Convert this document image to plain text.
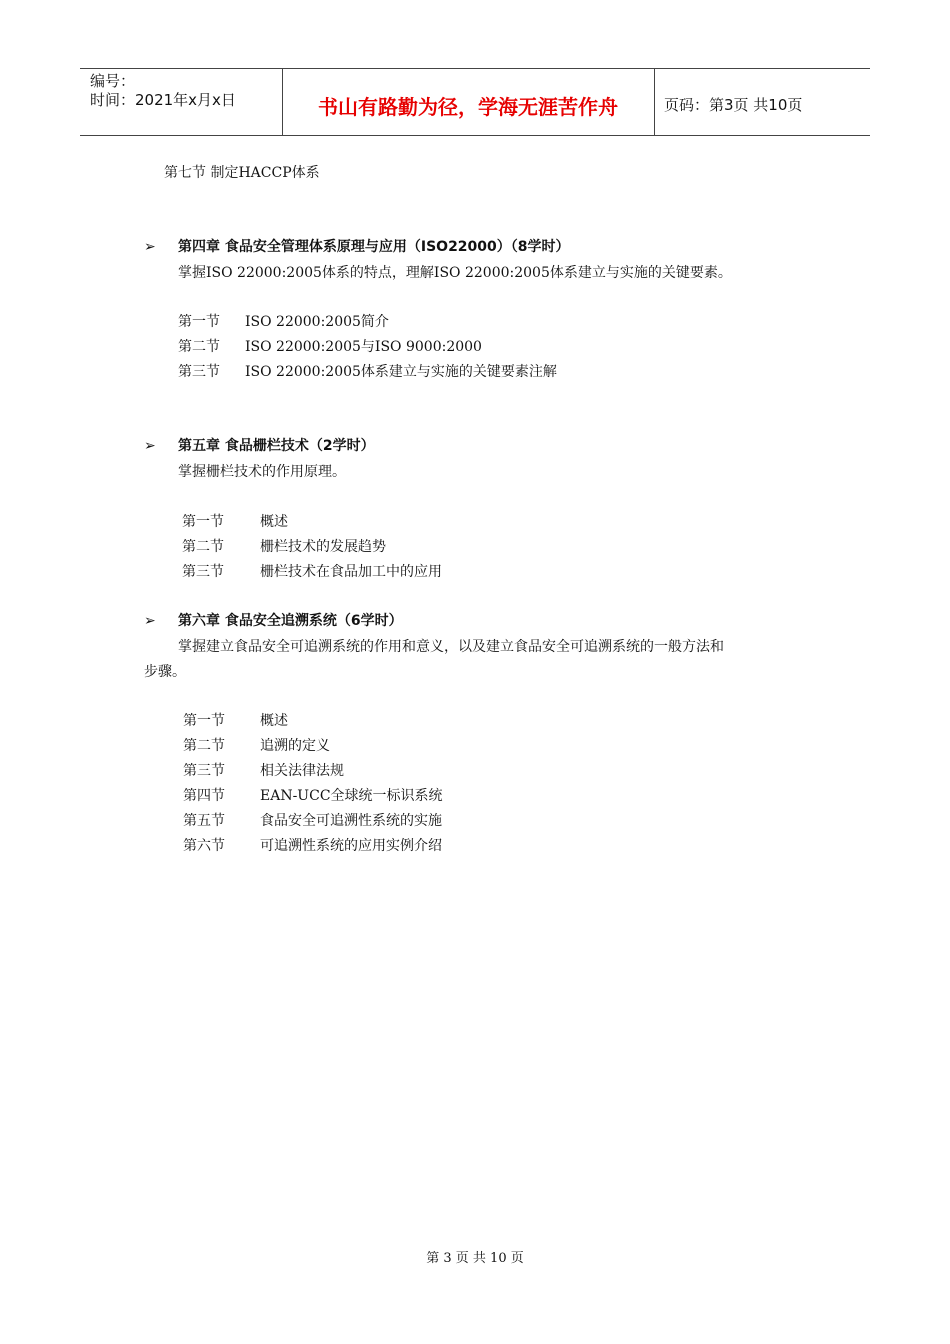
编号：
时间：2021年x月x日	书山有路勤为径，学海无涯苦作舟	页码：第3页 共10页
第七节 制定HACCP体系
➢ 第四章 食品安全管理体系原理与应用（ISO22000）（8学时）
掌握ISO 22000:2005体系的特点，理解ISO 22000:2005体系建立与实施的关键要素。
第一节 ISO 22000:2005简介
第二节 ISO 22000:2005与ISO 9000:2000
第三节 ISO 22000:2005体系建立与实施的关键要素注解
➢ 第五章 食品栅栏技术（2学时）
掌握栅栏技术的作用原理。
第一节	概述
第二节	栅栏技术的发展趋势
第三节	栅栏技术在食品加工中的应用
➢ 第六章 食品安全追溯系统（6学时）
掌握建立食品安全可追溯系统的作用和意义，以及建立食品安全可追溯系统的一般方法和
步骤。
第一节	概述
第二节	追溯的定义
第三节	相关法律法规
第四节	EAN-UCC全球统一标识系统
第五节	食品安全可追溯性系统的实施
第六节	可追溯性系统的应用实例介绍
第 3 页 共 10 页
